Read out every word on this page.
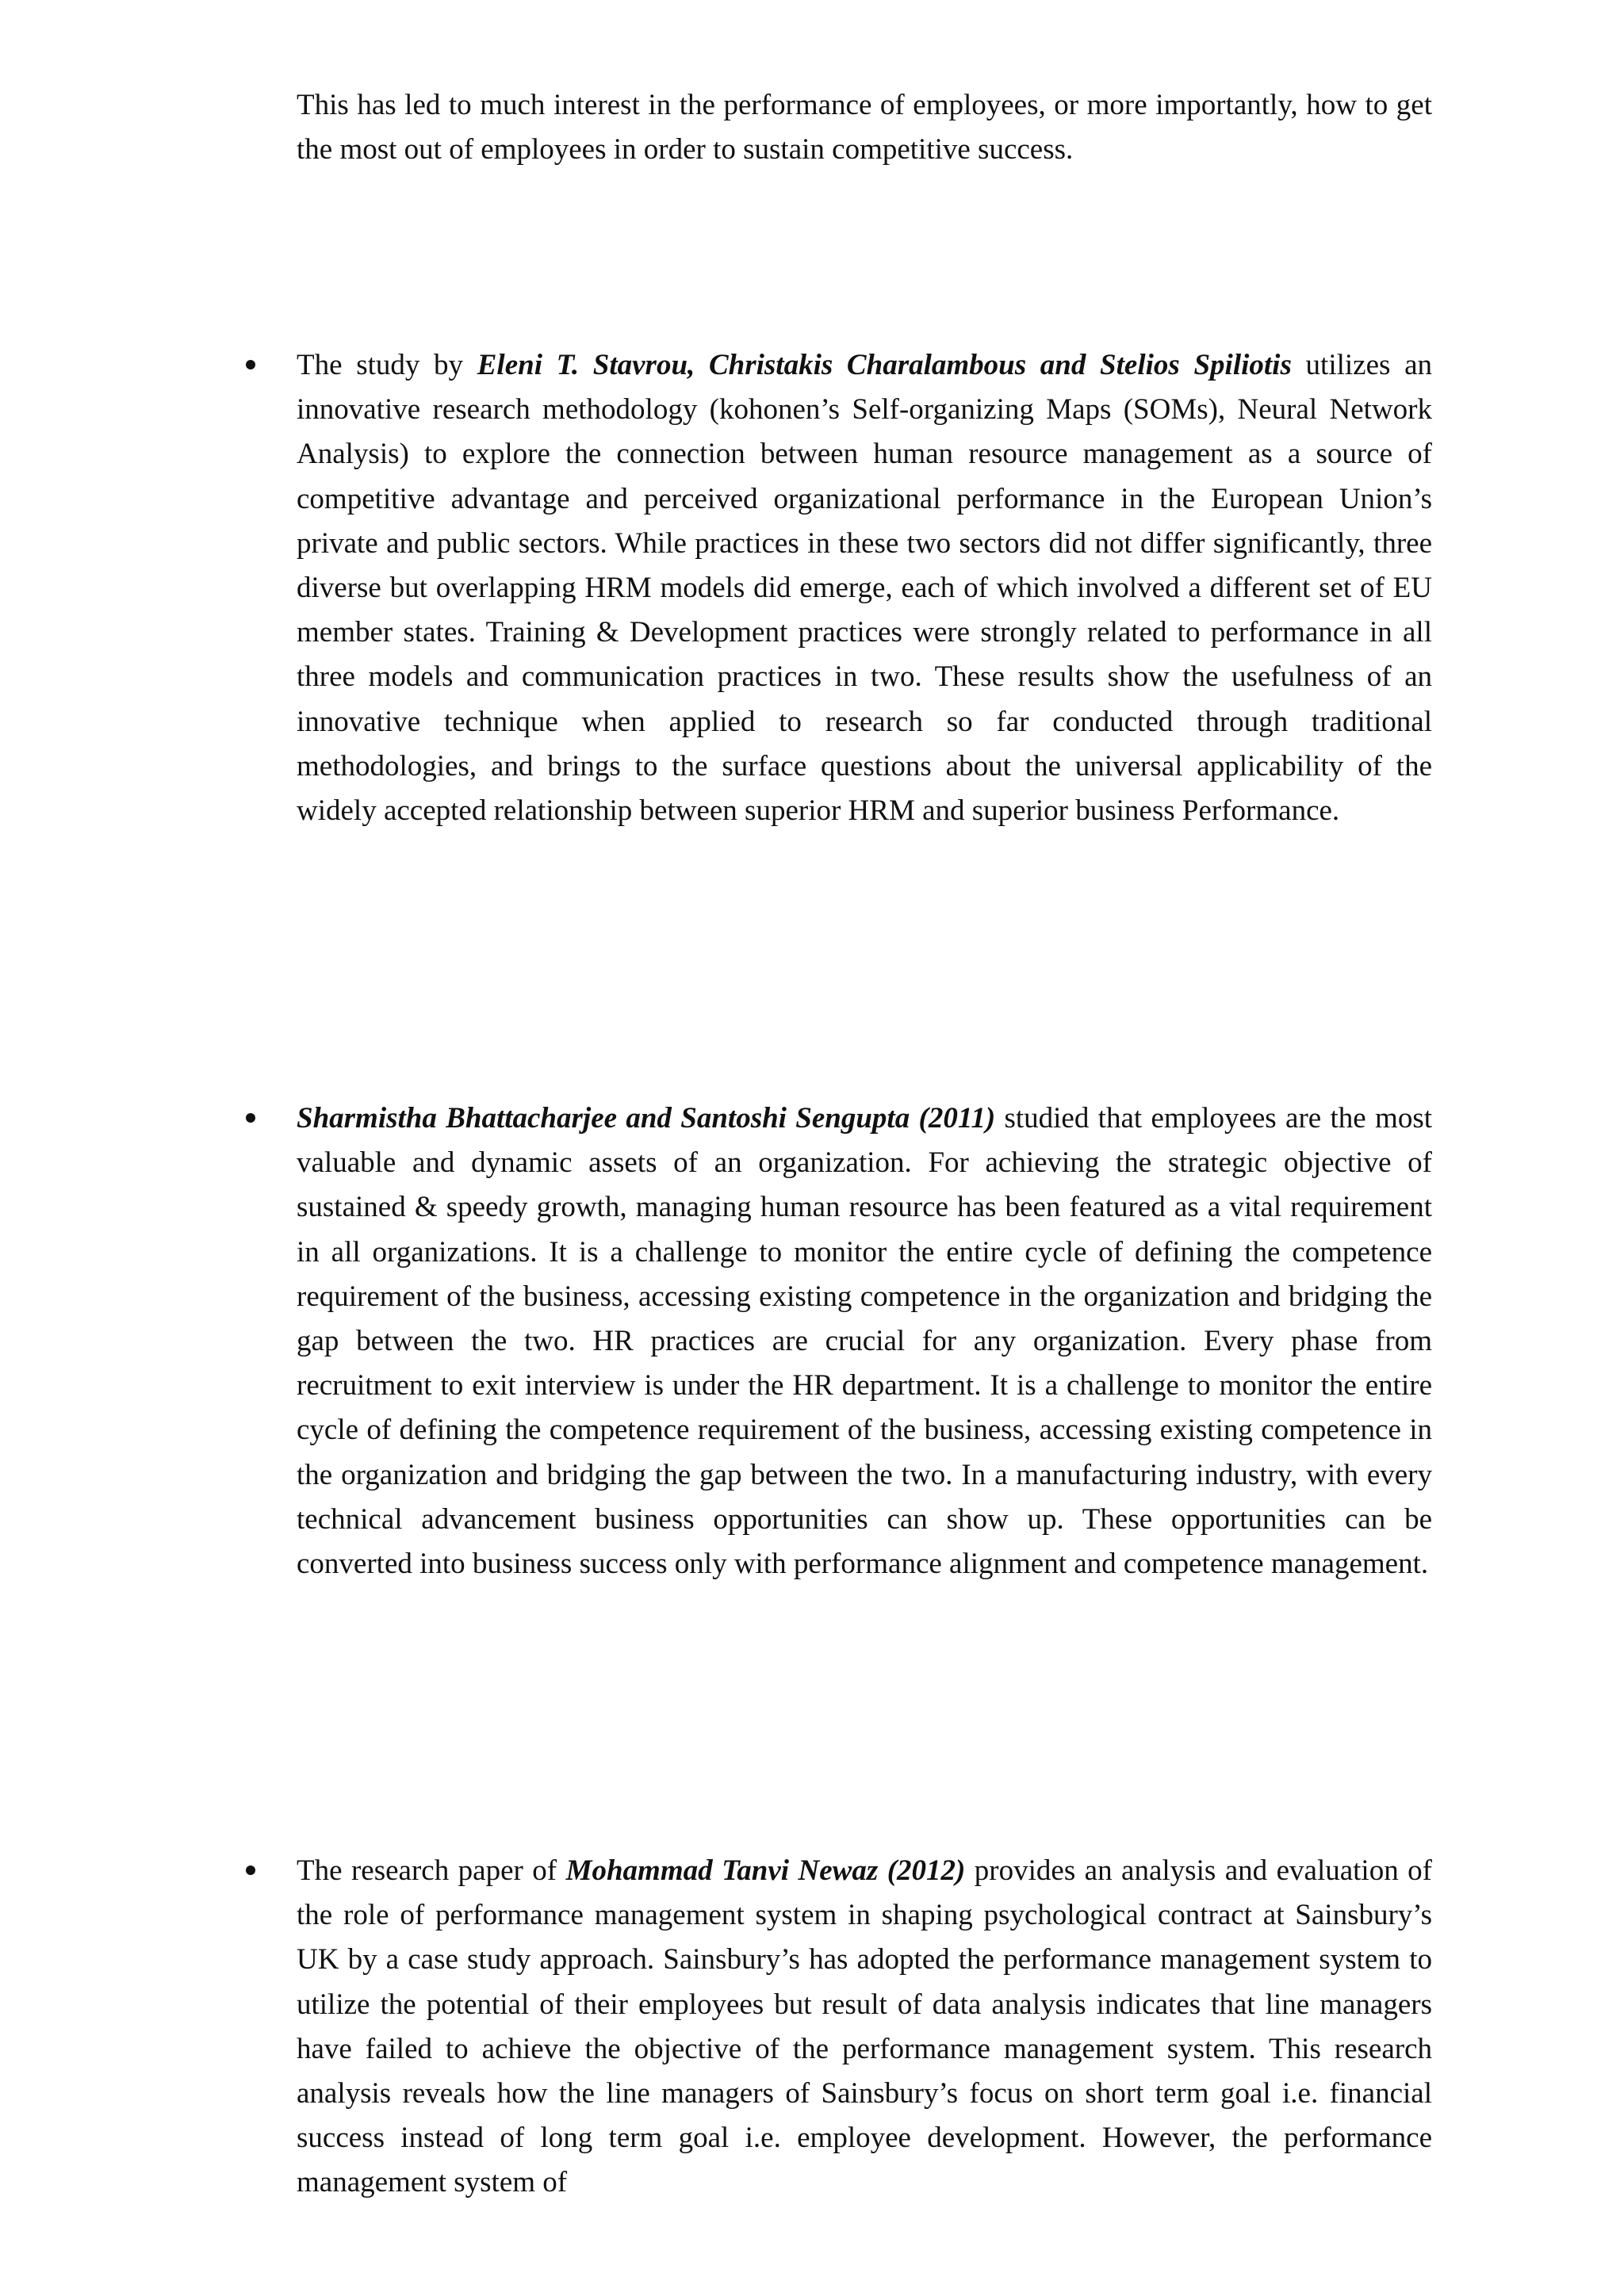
This has led to much interest in the performance of employees, or more importantly, how to get the most out of employees in order to sustain competitive success.

The study by Eleni T. Stavrou, Christakis Charalambous and Stelios Spiliotis utilizes an innovative research methodology (kohonen’s Self-organizing Maps (SOMs), Neural Network Analysis) to explore the connection between human resource management as a source of competitive advantage and perceived organizational performance in the European Union’s private and public sectors. While practices in these two sectors did not differ significantly, three diverse but overlapping HRM models did emerge, each of which involved a different set of EU member states. Training & Development practices were strongly related to performance in all three models and communication practices in two. These results show the usefulness of an innovative technique when applied to research so far conducted through traditional methodologies, and brings to the surface questions about the universal applicability of the widely accepted relationship between superior HRM and superior business Performance.

Sharmistha Bhattacharjee and Santoshi Sengupta (2011) studied that employees are the most valuable and dynamic assets of an organization. For achieving the strategic objective of sustained & speedy growth, managing human resource has been featured as a vital requirement in all organizations. It is a challenge to monitor the entire cycle of defining the competence requirement of the business, accessing existing competence in the organization and bridging the gap between the two. HR practices are crucial for any organization. Every phase from recruitment to exit interview is under the HR department. It is a challenge to monitor the entire cycle of defining the competence requirement of the business, accessing existing competence in the organization and bridging the gap between the two. In a manufacturing industry, with every technical advancement business opportunities can show up. These opportunities can be converted into business success only with performance alignment and competence management.

The research paper of Mohammad Tanvi Newaz (2012) provides an analysis and evaluation of the role of performance management system in shaping psychological contract at Sainsbury’s UK by a case study approach. Sainsbury’s has adopted the performance management system to utilize the potential of their employees but result of data analysis indicates that line managers have failed to achieve the objective of the performance management system. This research analysis reveals how the line managers of Sainsbury’s focus on short term goal i.e. financial success instead of long term goal i.e. employee development. However, the performance management system of
